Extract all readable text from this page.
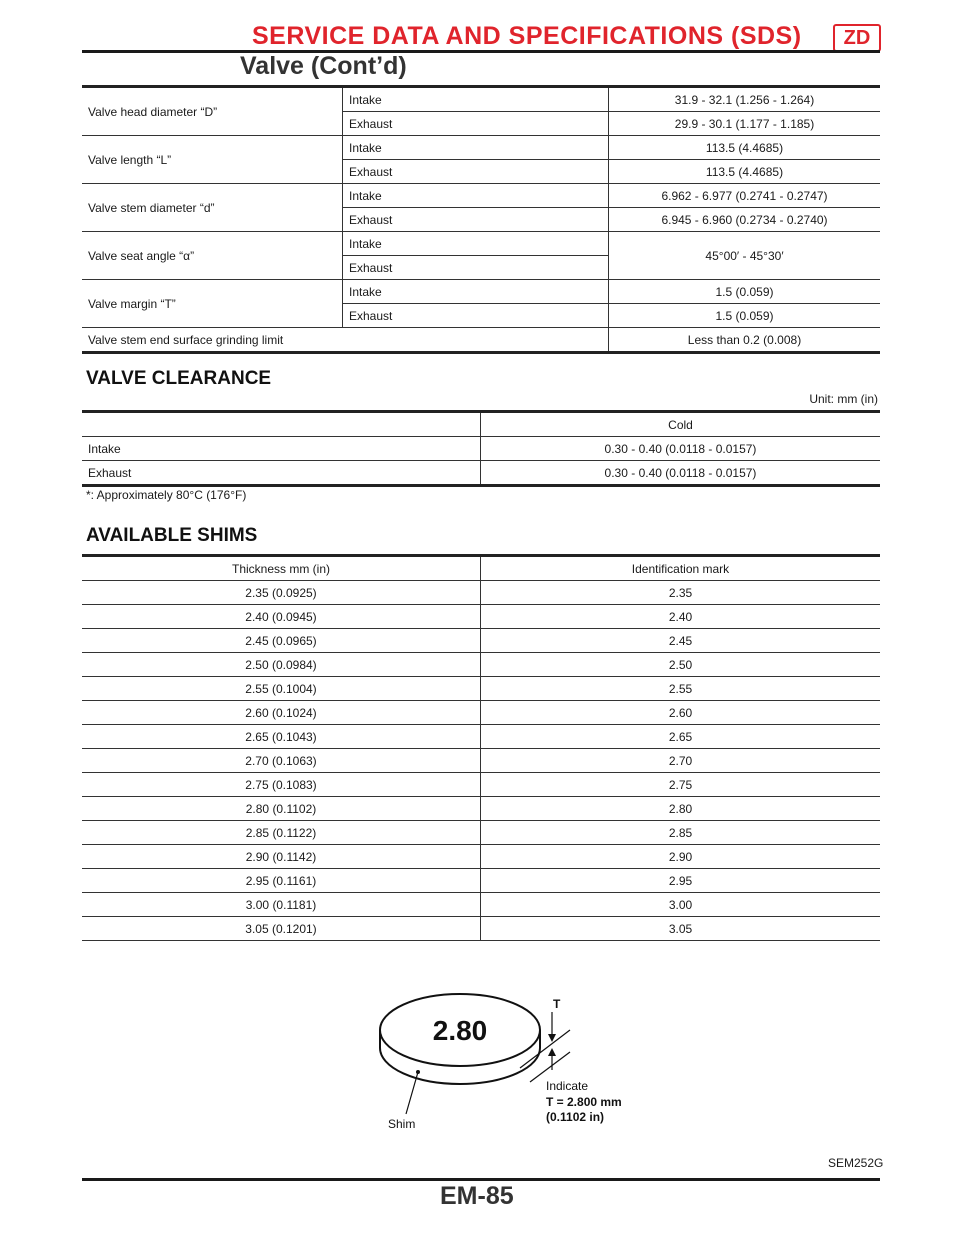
SERVICE DATA AND SPECIFICATIONS (SDS)	ZD
Valve (Cont’d)
Valve head diameter “D”	Intake	31.9 - 32.1 (1.256 - 1.264)
	Exhaust	29.9 - 30.1 (1.177 - 1.185)
Valve length “L”	Intake	113.5 (4.4685)
	Exhaust	113.5 (4.4685)
Valve stem diameter “d”	Intake	6.962 - 6.977 (0.2741 - 0.2747)
	Exhaust	6.945 - 6.960 (0.2734 - 0.2740)
Valve seat angle “α”	Intake	45°00′ - 45°30′
	Exhaust	
Valve margin “T”	Intake	1.5 (0.059)
	Exhaust	1.5 (0.059)
Valve stem end surface grinding limit		Less than 0.2 (0.008)
VALVE CLEARANCE
Unit: mm (in)
	Cold
Intake	0.30 - 0.40 (0.0118 - 0.0157)
Exhaust	0.30 - 0.40 (0.0118 - 0.0157)
*: Approximately 80°C (176°F)
AVAILABLE SHIMS
Thickness mm (in)	Identification mark
2.35 (0.0925)	2.35
2.40 (0.0945)	2.40
2.45 (0.0965)	2.45
2.50 (0.0984)	2.50
2.55 (0.1004)	2.55
2.60 (0.1024)	2.60
2.65 (0.1043)	2.65
2.70 (0.1063)	2.70
2.75 (0.1083)	2.75
2.80 (0.1102)	2.80
2.85 (0.1122)	2.85
2.90 (0.1142)	2.90
2.95 (0.1161)	2.95
3.00 (0.1181)	3.00
3.05 (0.1201)	3.05
2.80
T
Indicate
T = 2.800 mm
(0.1102 in)
Shim
SEM252G
EM-85
